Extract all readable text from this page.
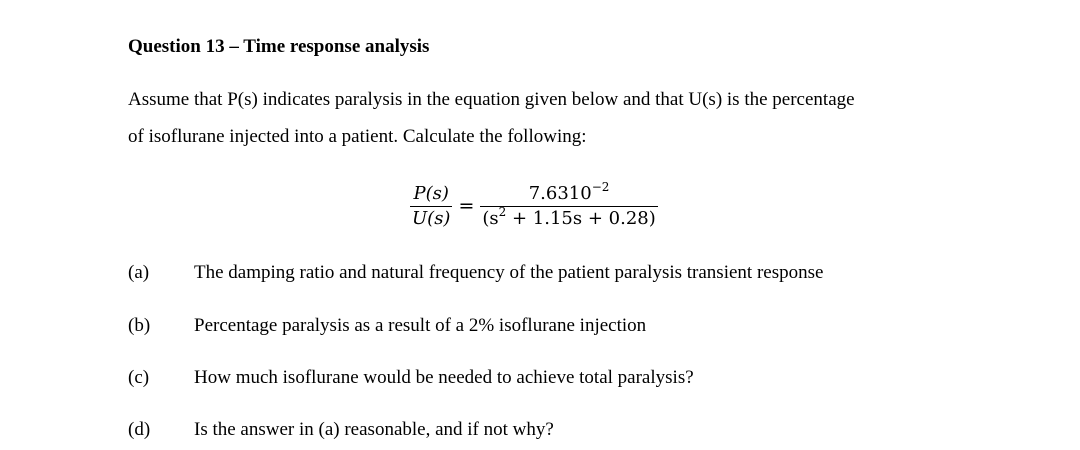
Question 13 – Time response analysis
Assume that P(s) indicates paralysis in the equation given below and that U(s) is the percentage
of isoflurane injected into a patient. Calculate the following:
$\frac{P(s)}{U(s)} = \frac{7.6310^{-2}}{(s^2 + 1.15s + 0.28)}$
(a) The damping ratio and natural frequency of the patient paralysis transient response
(b) Percentage paralysis as a result of a 2% isoflurane injection
(c) How much isoflurane would be needed to achieve total paralysis?
(d) Is the answer in (a) reasonable, and if not why?
